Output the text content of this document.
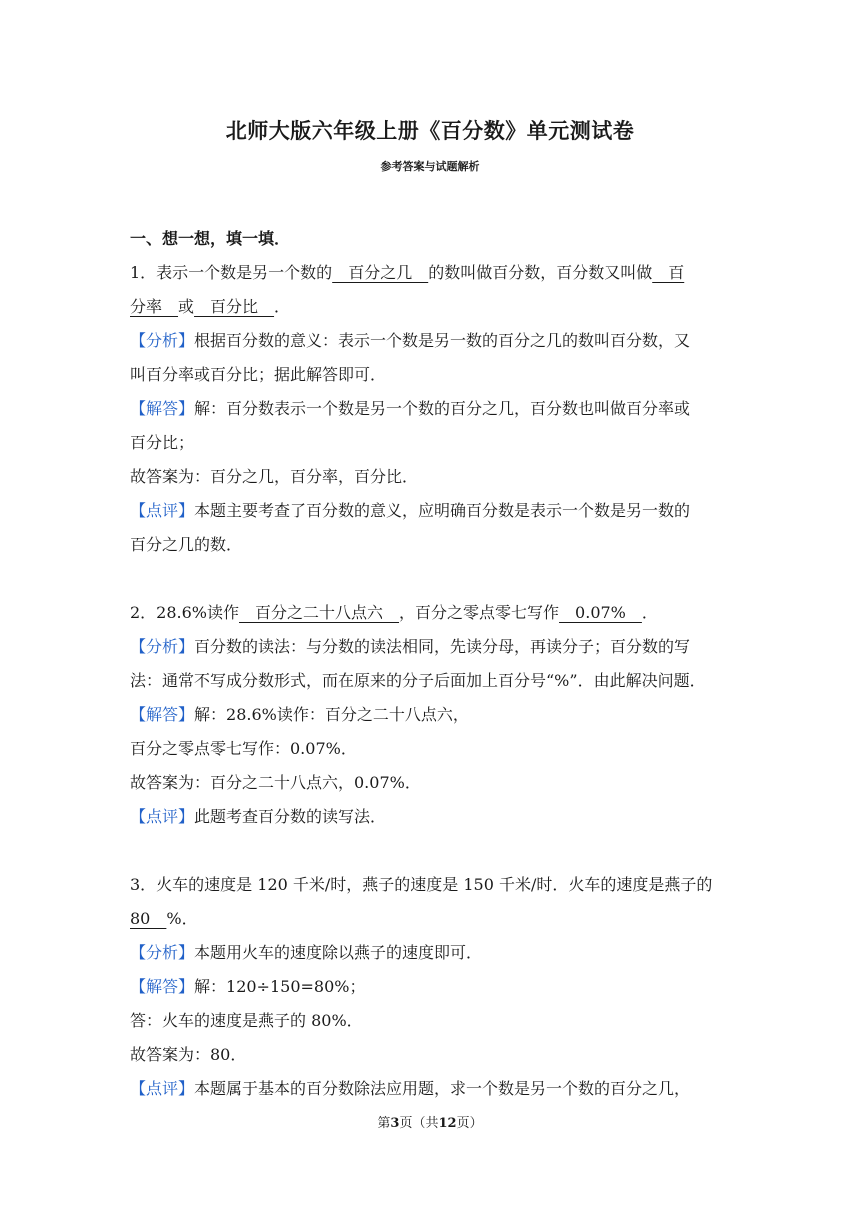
北师大版六年级上册《百分数》单元测试卷
参考答案与试题解析
一、想一想，填一填．
1．表示一个数是另一个数的　百分之几　的数叫做百分数，百分数又叫做　百
分率　或　百分比　．
【分析】根据百分数的意义：表示一个数是另一数的百分之几的数叫百分数，又
叫百分率或百分比；据此解答即可．
【解答】解：百分数表示一个数是另一个数的百分之几，百分数也叫做百分率或
百分比；
故答案为：百分之几，百分率，百分比．
【点评】本题主要考查了百分数的意义，应明确百分数是表示一个数是另一数的
百分之几的数．
2．28.6%读作　百分之二十八点六　，百分之零点零七写作　0.07%　．
【分析】百分数的读法：与分数的读法相同，先读分母，再读分子；百分数的写
法：通常不写成分数形式，而在原来的分子后面加上百分号“%”．由此解决问题．
【解答】解：28.6%读作：百分之二十八点六，
百分之零点零七写作：0.07%．
故答案为：百分之二十八点六，0.07%．
【点评】此题考查百分数的读写法．
3．火车的速度是 120 千米/时，燕子的速度是 150 千米/时．火车的速度是燕子的
80　%．
【分析】本题用火车的速度除以燕子的速度即可．
【解答】解：120÷150=80%；
答：火车的速度是燕子的 80%．
故答案为：80．
【点评】本题属于基本的百分数除法应用题，求一个数是另一个数的百分之几，
第3页（共12页）
